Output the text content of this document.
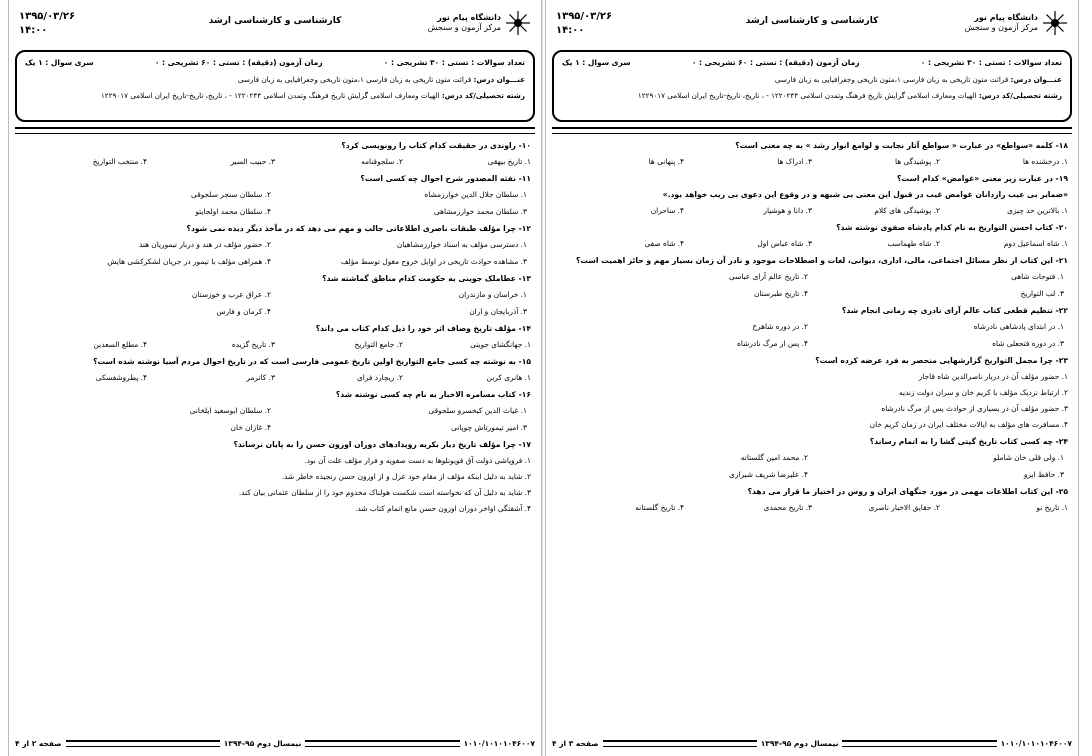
دانشگاه پیام نور
مرکز آزمون و سنجش
کارشناسی و کارشناسی ارشد
۱۳۹۵/۰۳/۲۶
۱۴:۰۰
تعداد سوالات : تستی : ۳۰ تشریحی : ۰
زمان آزمون (دقیقه) : تستی : ۶۰ تشریحی : ۰
سری سوال : ۱ یک
عنـــوان درس: قرائت متون تاریخی به زبان فارسی ۱،متون تاریخی وجغرافیایی به زبان فارسی
رشته تحصیلی/کد درس: الهیات ومعارف اسلامی گرایش تاریخ فرهنگ وتمدن اسلامی ۱۲۲۰۲۴۴ - ، تاریخ، تاریخ-تاریخ ایران اسلامی ۱۲۲۹۰۱۷
۱۰- راوندی در حقیقت کدام کتاب را رونویسی کرد؟
۱. تاریخ بیهقی
۲. سلجوقنامه
۳. حبیب السیر
۴. منتخب التواریخ
۱۱- نفثه المصدور شرح احوال چه کسی است؟
۱. سلطان جلال الدین خوارزمشاه
۲. سلطان سنجر سلجوقی
۳. سلطان محمد خوارزمشاهی
۴. سلطان محمد اولجایتو
۱۲- چرا مؤلف طبقات ناصری اطلاعاتی جالب و مهم می دهد که در مآخذ دیگر دیده نمی شود؟
۱. دسترسی مؤلف به اسناد خوارزمشاهیان
۲. حضور مؤلف در هند و دربار تیموریان هند
۳. مشاهده حوادث تاریخی در اوایل خروج مغول توسط مؤلف
۴. همراهی مؤلف با تیمور در جریان لشکرکشی هایش
۱۳- عطاملک جوینی به حکومت کدام مناطق گماشته شد؟
۱. خراسان و مازندران
۲. عراق عرب و خوزستان
۳. آذربایجان و اران
۴. کرمان و فارس
۱۴- مؤلف تاریخ وصاف اثر خود را ذیل کدام کتاب می داند؟
۱. جهانگشای جوینی
۲. جامع التواریخ
۳. تاریخ گزیده
۴. مطلع السعدین
۱۵- به نوشته چه کسی جامع التواریخ اولین تاریخ عمومی فارسی است که در تاریخ احوال مردم آسیا نوشته شده است؟
۱. هانری کربن
۲. ریچارد فرای
۳. کاترمر
۴. پطروشفسکی
۱۶- کتاب مسامره الاخبار به نام چه کسی نوشته شد؟
۱. غیاث الدین کیخسرو سلجوقی
۲. سلطان ابوسعید ایلخانی
۳. امیر تیمورتاش چوپانی
۴. غازان خان
۱۷- چرا مؤلف تاریخ دیار بکریه رویدادهای دوران اوزون حسن را به پایان نرساند؟
۱. فروپاشی دولت آق قویونلوها به دست صفویه و فرار مؤلف علت آن بود.
۲. شاید به دلیل اینکه مؤلف از مقام خود عزل و از اوزون حسن رنجیده خاطر شد.
۳. شاید به دلیل آن که نخواسته است شکست هولناک مخدوم خود را از سلطان عثمانی بیان کند.
۴. آشفتگی اواخر دوران اوزون حسن مانع اتمام کتاب شد.
صفحه ۲ از ۴	نیمسال دوم ۹۵-۱۳۹۴	۱۰۱۰/۱۰۱۰۱۰۴۶۰۰۷
دانشگاه پیام نور
مرکز آزمون و سنجش
کارشناسی و کارشناسی ارشد
۱۳۹۵/۰۳/۲۶
۱۴:۰۰
تعداد سوالات : تستی : ۳۰ تشریحی : ۰
زمان آزمون (دقیقه) : تستی : ۶۰ تشریحی : ۰
سری سوال : ۱ یک
عنـــوان درس: قرائت متون تاریخی به زبان فارسی ۱،متون تاریخی وجغرافیایی به زبان فارسی
رشته تحصیلی/کد درس: الهیات ومعارف اسلامی گرایش تاریخ فرهنگ وتمدن اسلامی ۱۲۲۰۲۴۴ - ، تاریخ، تاریخ-تاریخ ایران اسلامی ۱۲۲۹۰۱۷
۱۸- کلمه «سواطع» در عبارت « سواطع آثار نجابت و لوامع انوار رشد » به چه معنی است؟
۱. درخشنده ها
۲. پوشیدگی ها
۳. ادراک ها
۴. پنهانی ها
۱۹- در عبارت زیر معنی «غوامض» کدام است؟
«ضمایر بی عیب رازدانان غوامض غیب در قبول این معنی بی شبهه و در وقوع این دعوی بی ریب خواهد بود.»
۱. بالاترین حد چیزی
۲. پوشیدگی های کلام
۳. دانا و هوشیار
۴. ساحران
۲۰- کتاب احسن التواریخ به نام کدام پادشاه صفوی نوشته شد؟
۱. شاه اسماعیل دوم
۲. شاه طهماسب
۳. شاه عباس اول
۴. شاه صفی
۲۱- این کتاب از نظر مسائل اجتماعی، مالی، اداری، دیوانی، لغات و اصطلاحات موجود و نادر آن زمان بسیار مهم و حائز اهمیت است؟
۱. فتوحات شاهی
۲. تاریخ عالم آرای عباسی
۳. لب التواریخ
۴. تاریخ طبرستان
۲۲- تنظیم قطعی کتاب عالم آرای نادری چه زمانی انجام شد؟
۱. در ابتدای پادشاهی نادرشاه
۲. در دوره شاهرخ
۳. در دوره فتحعلی شاه
۴. پس از مرگ نادرشاه
۲۳- چرا مجمل التواریخ گزارشهایی منحصر به فرد عرضه کرده است؟
۱. حضور مؤلف آن در دربار ناصرالدین شاه قاجار
۲. ارتباط نزدیک مؤلف با کریم خان و سران دولت زندیه
۳. حضور مؤلف آن در بسیاری از حوادث پس از مرگ نادرشاه
۴. مسافرت های مؤلف به ایالات مختلف ایران در زمان کریم خان
۲۴- چه کسی کتاب تاریخ گیتی گشا را به اتمام رساند؟
۱. ولی قلی خان شاملو
۲. محمد امین گلستانه
۳. حافظ ابرو
۴. علیرضا شریف شیرازی
۲۵- این کتاب اطلاعات مهمی در مورد جنگهای ایران و روس در اختیار ما قرار می دهد؟
۱. تاریخ نو
۲. حقایق الاخبار ناصری
۳. تاریخ محمدی
۴. تاریخ گلستانه
صفحه ۳ از ۴	نیمسال دوم ۹۵-۱۳۹۴	۱۰۱۰/۱۰۱۰۱۰۴۶۰۰۷
